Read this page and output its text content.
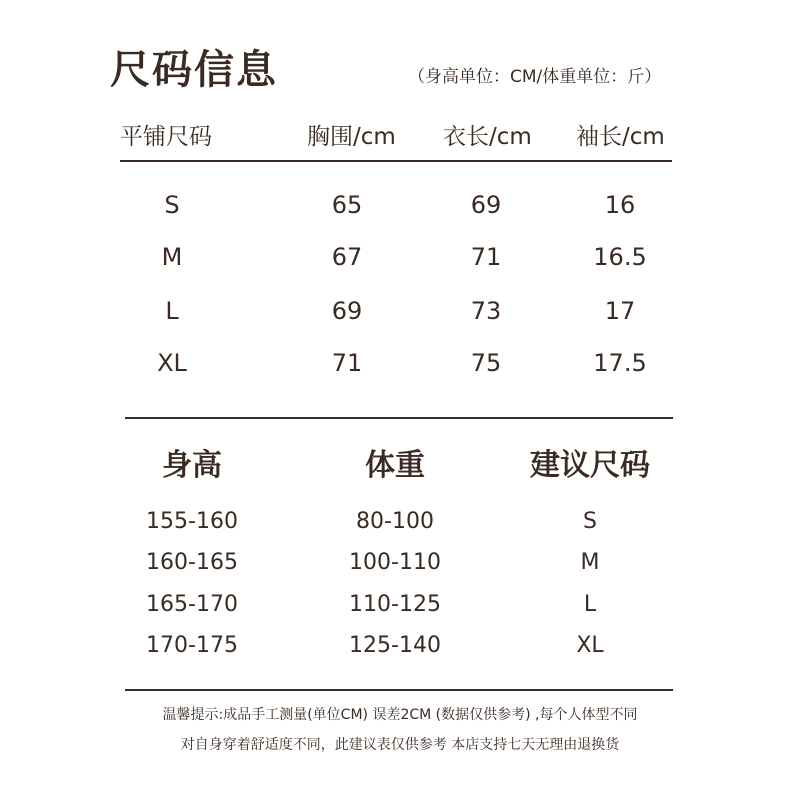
尺码信息	（身高单位：CM/体重单位：斤）
平铺尺码	胸围/cm 衣长/cm 袖长/cm
S	65	69	16
M	67	71	16.5
L	69	73	17
XL	71	75	17.5
身高	体重	建议尺码
155-160	80-100	S
160-165	100-110	M
165-170	110-125	L
170-175	125-140	XL
温馨提示:成品手工测量(单位CM) 误差2CM (数据仅供参考) ,每个人体型不同
对自身穿着舒适度不同，此建议表仅供参考 本店支持七天无理由退换货
